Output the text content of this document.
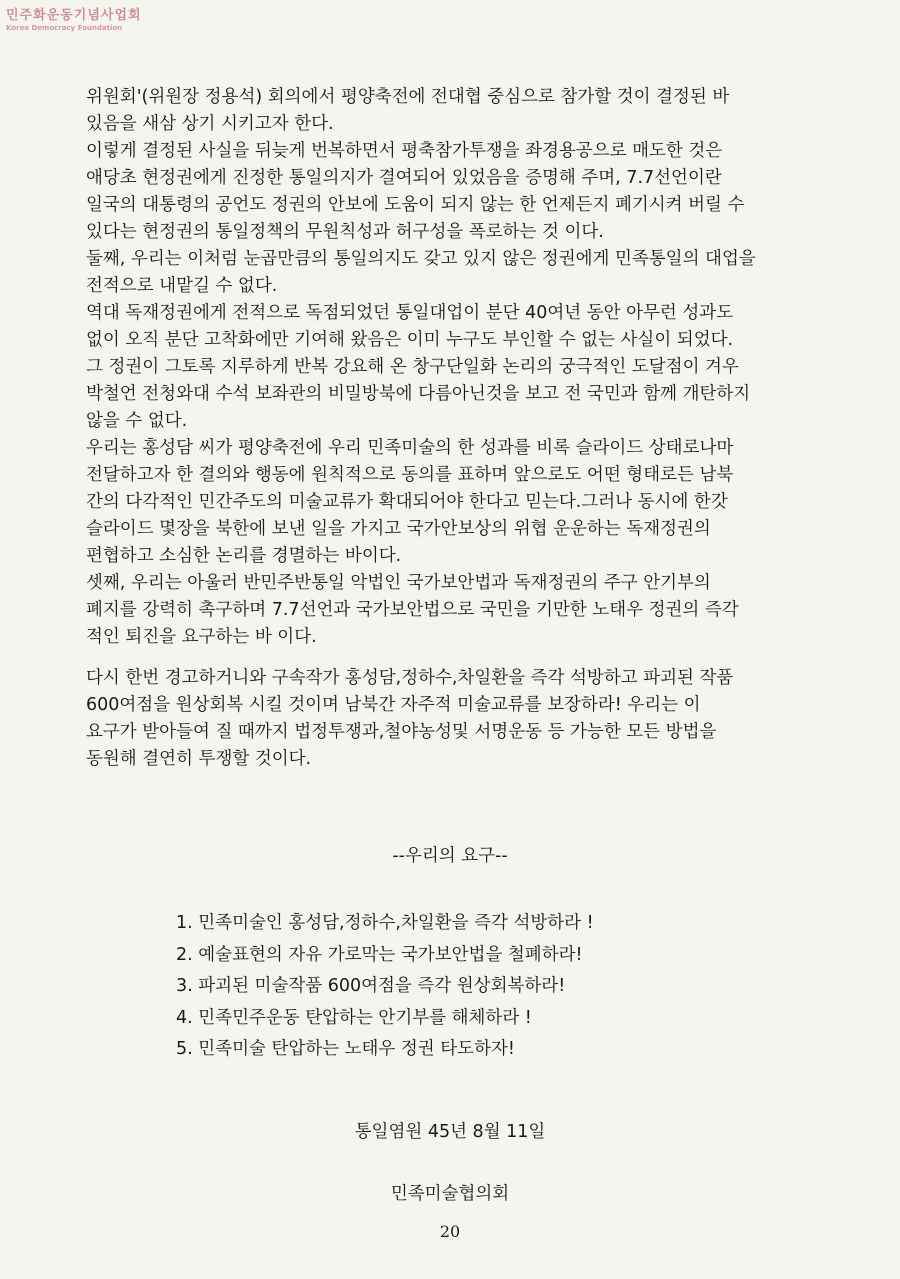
민주화운동기념사업회
Korea Democracy Foundation
위원회'(위원장 정용석) 회의에서 평양축전에 전대협 중심으로 참가할 것이 결정된 바
있음을 새삼 상기 시키고자 한다.
이렇게 결정된 사실을 뒤늦게 번복하면서 평축참가투쟁을 좌경용공으로 매도한 것은
애당초 현정권에게 진정한 통일의지가 결여되어 있었음을 증명해 주며, 7.7선언이란
일국의 대통령의 공언도 정권의 안보에 도움이 되지 않는 한 언제든지 폐기시켜 버릴 수
있다는 현정권의 통일정책의 무원칙성과 허구성을 폭로하는 것 이다.
둘째, 우리는 이처럼 눈곱만큼의 통일의지도 갖고 있지 않은 정권에게 민족통일의 대업을
전적으로 내맡길 수 없다.
역대 독재정권에게 전적으로 독점되었던 통일대업이 분단 40여년 동안 아무런 성과도
없이 오직 분단 고착화에만 기여해 왔음은 이미 누구도 부인할 수 없는 사실이 되었다.
그 정권이 그토록 지루하게 반복 강요해 온 창구단일화 논리의 궁극적인 도달점이 겨우
박철언 전청와대 수석 보좌관의 비밀방북에 다름아닌것을 보고 전 국민과 함께 개탄하지
않을 수 없다.
우리는 홍성담 씨가 평양축전에 우리 민족미술의 한 성과를 비록 슬라이드 상태로나마
전달하고자 한 결의와 행동에 원칙적으로 동의를 표하며 앞으로도 어떤 형태로든 남북
간의 다각적인 민간주도의 미술교류가 확대되어야 한다고 믿는다.그러나 동시에 한갓
슬라이드 몇장을 북한에 보낸 일을 가지고 국가안보상의 위협 운운하는 독재정권의
편협하고 소심한 논리를 경멸하는 바이다.
셋째, 우리는 아울러 반민주반통일 악법인 국가보안법과 독재정권의 주구 안기부의
폐지를 강력히 촉구하며 7.7선언과 국가보안법으로 국민을 기만한 노태우 정권의 즉각
적인 퇴진을 요구하는 바 이다.
다시 한번 경고하거니와 구속작가 홍성담,정하수,차일환을 즉각 석방하고 파괴된 작품
600여점을 원상회복 시킬 것이며 남북간 자주적 미술교류를 보장하라! 우리는 이
요구가 받아들여 질 때까지 법정투쟁과,철야농성및 서명운동 등 가능한 모든 방법을
동원해 결연히 투쟁할 것이다.
--우리의 요구--
1. 민족미술인 홍성담,정하수,차일환을 즉각 석방하라 !
2. 예술표현의 자유 가로막는 국가보안법을 철폐하라!
3. 파괴된 미술작품 600여점을 즉각 원상회복하라!
4. 민족민주운동 탄압하는 안기부를 해체하라 !
5. 민족미술 탄압하는 노태우 정권 타도하자!
통일염원 45년 8월 11일
민족미술협의회
20
